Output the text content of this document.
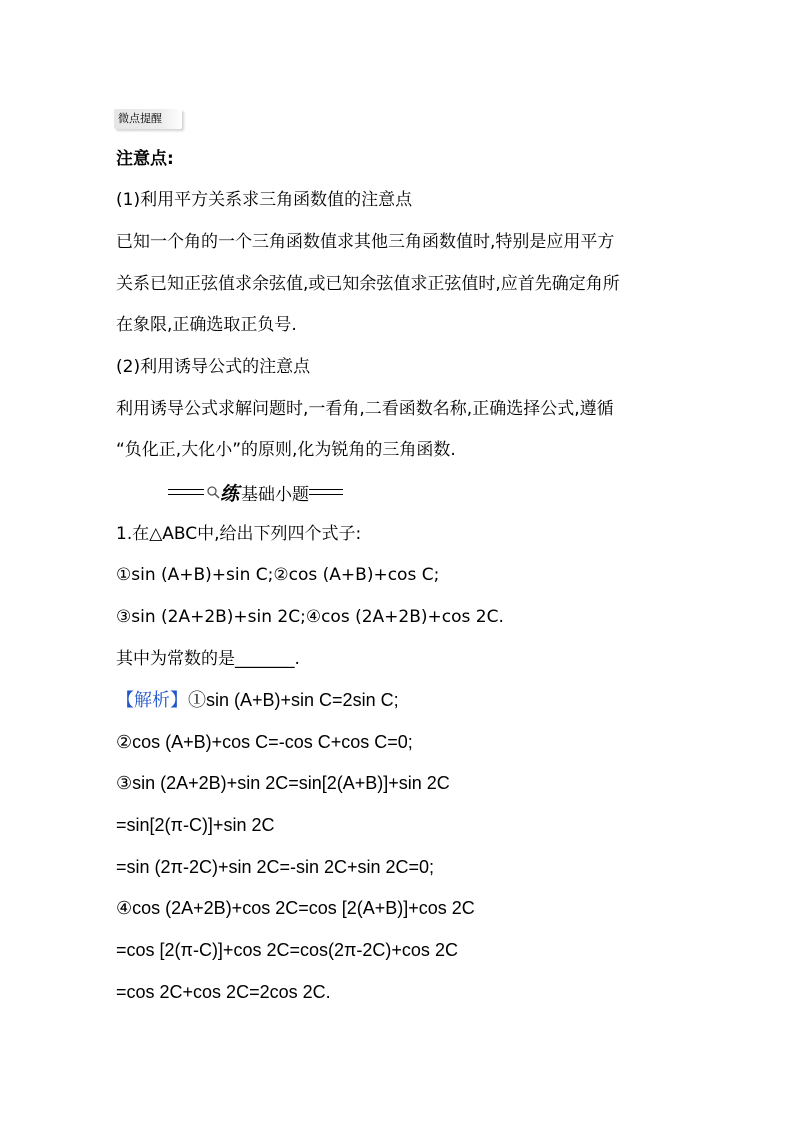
微点提醒
注意点:
(1)利用平方关系求三角函数值的注意点
已知一个角的一个三角函数值求其他三角函数值时,特别是应用平方
关系已知正弦值求余弦值,或已知余弦值求正弦值时,应首先确定角所
在象限,正确选取正负号.
(2)利用诱导公式的注意点
利用诱导公式求解问题时,一看角,二看函数名称,正确选择公式,遵循
“负化正,大化小”的原则,化为锐角的三角函数.
练 基础小题
1.在△ABC中,给出下列四个式子:
①sin (A+B)+sin C;②cos (A+B)+cos C;
③sin (2A+2B)+sin 2C;④cos (2A+2B)+cos 2C.
其中为常数的是_______.
【解析】①sin (A+B)+sin C=2sin C;
②cos (A+B)+cos C=-cos C+cos C=0;
③sin (2A+2B)+sin 2C=sin[2(A+B)]+sin 2C
=sin[2(π-C)]+sin 2C
=sin (2π-2C)+sin 2C=-sin 2C+sin 2C=0;
④cos (2A+2B)+cos 2C=cos [2(A+B)]+cos 2C
=cos [2(π-C)]+cos 2C=cos(2π-2C)+cos 2C
=cos 2C+cos 2C=2cos 2C.
